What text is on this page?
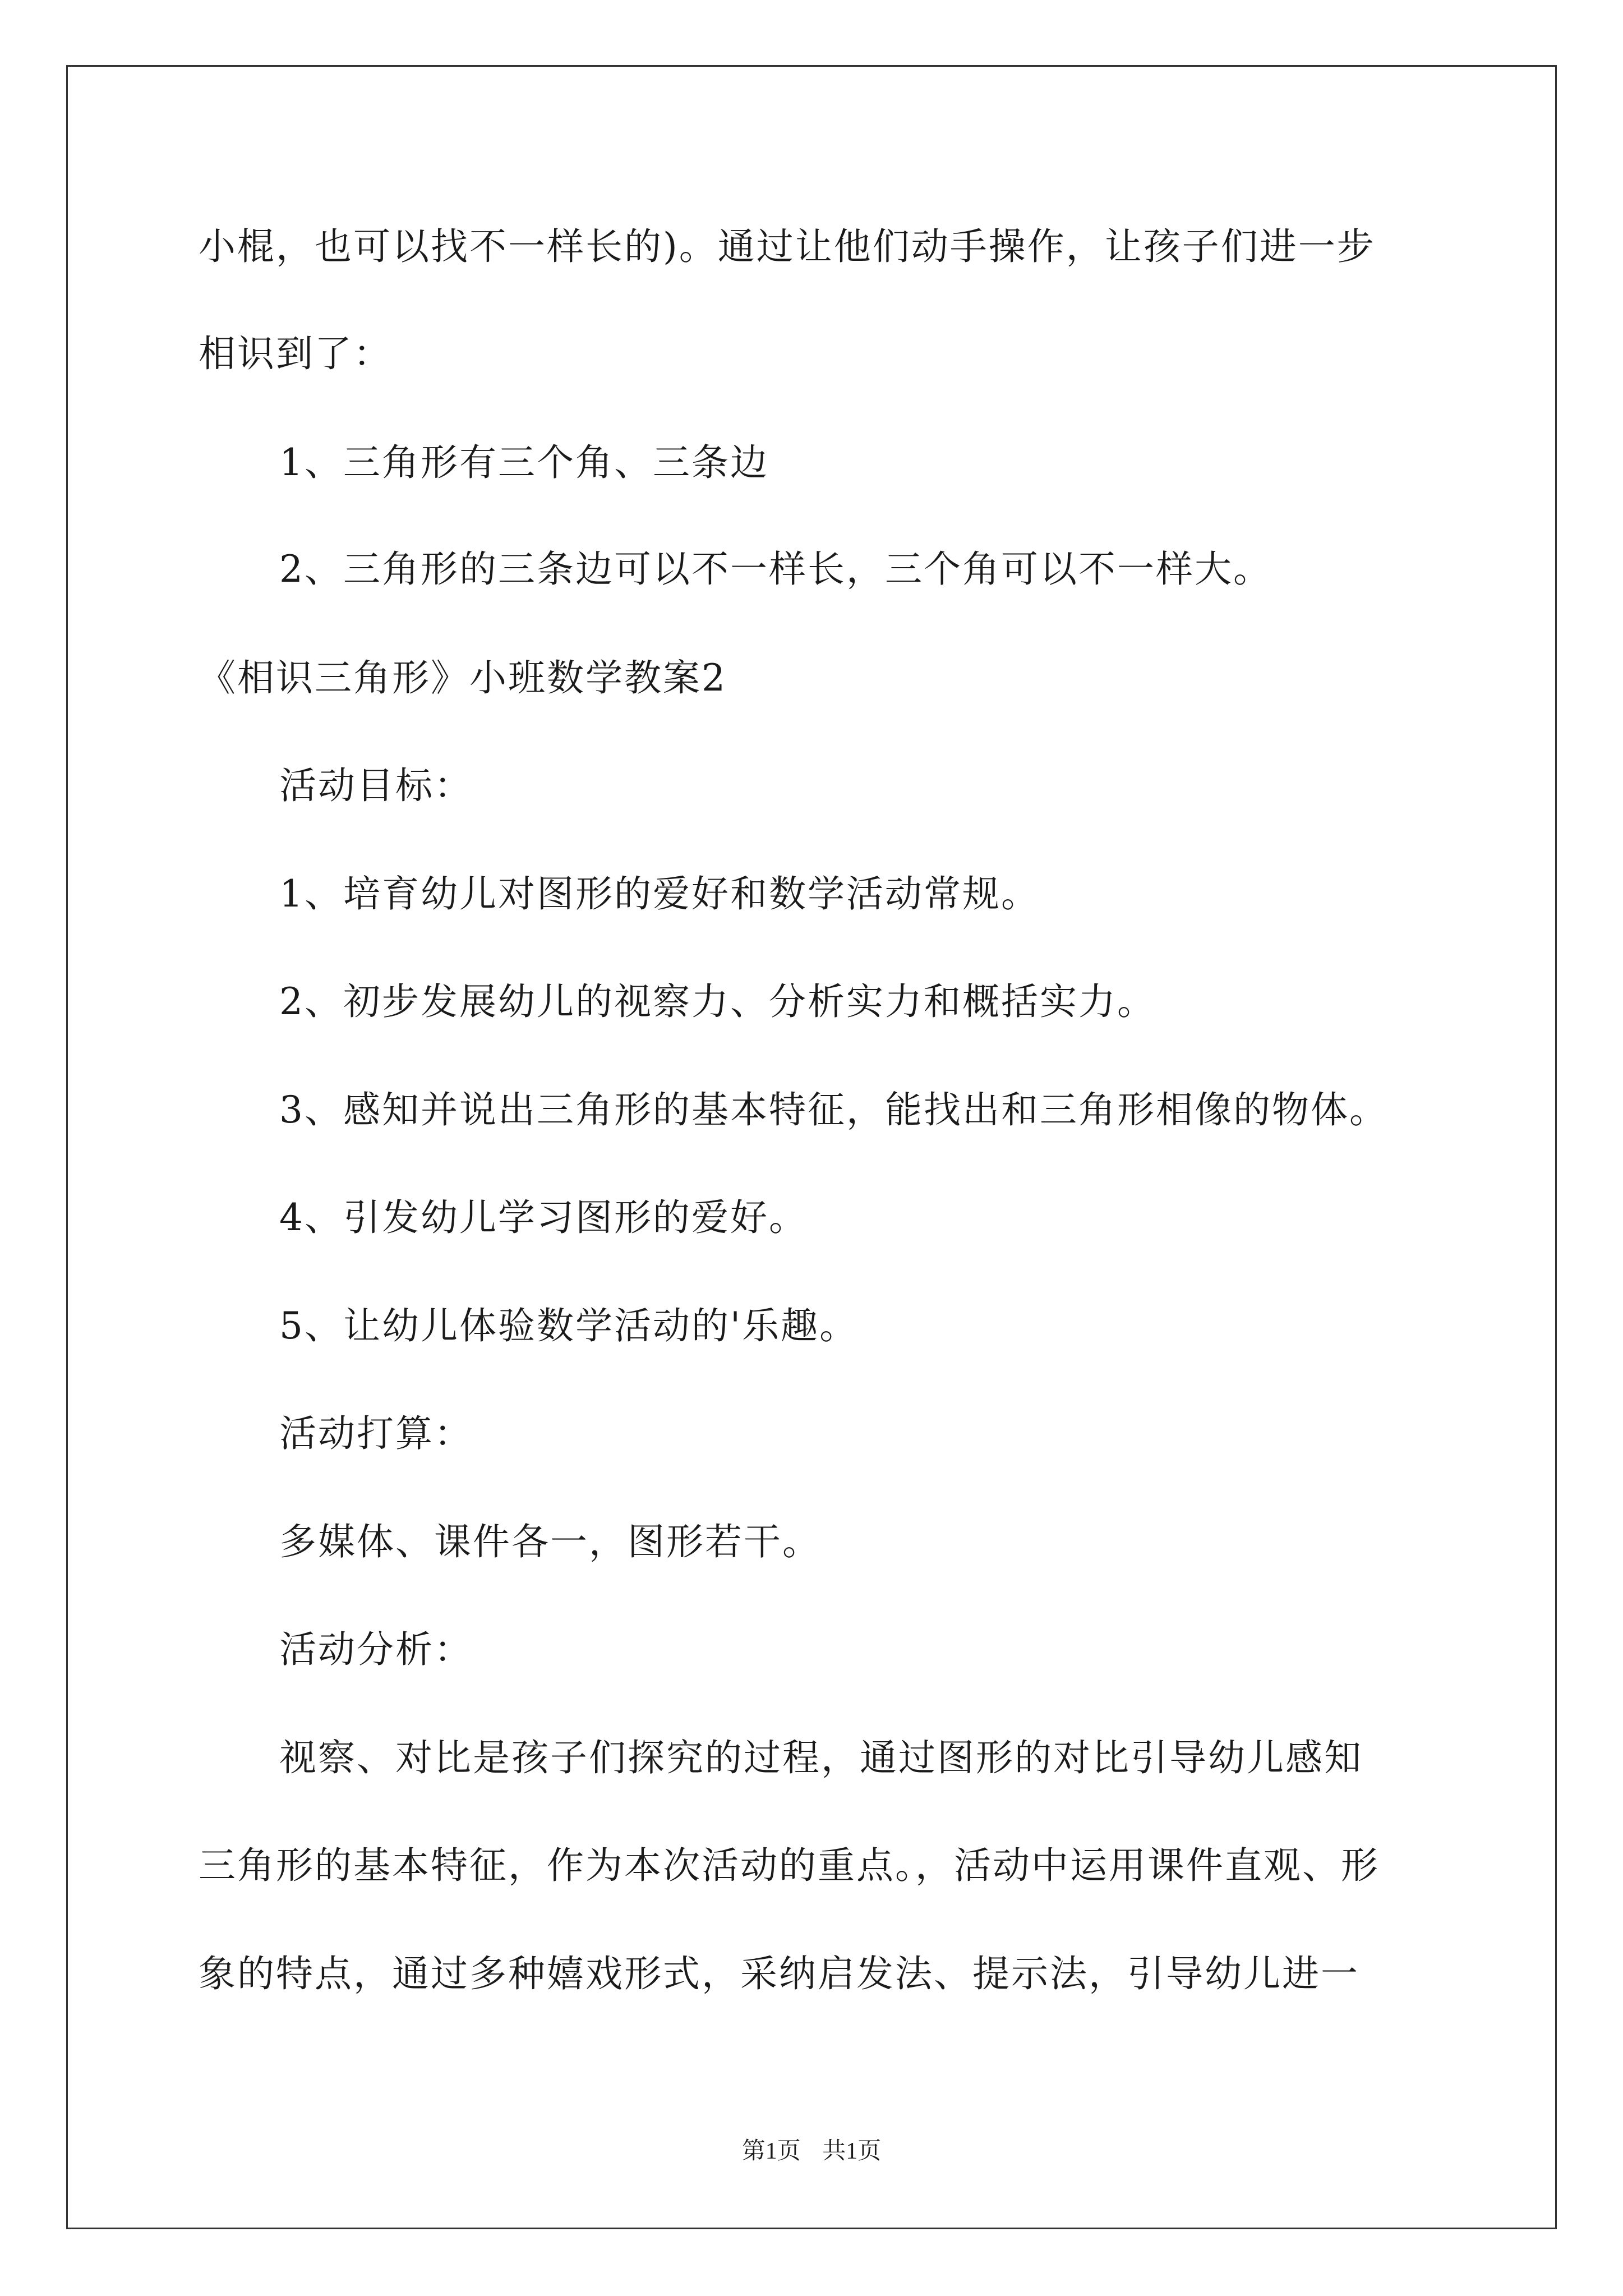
小棍，也可以找不一样长的)。通过让他们动手操作，让孩子们进一步
相识到了：
1、三角形有三个角、三条边
2、三角形的三条边可以不一样长，三个角可以不一样大。
《相识三角形》小班数学教案2
活动目标：
1、培育幼儿对图形的爱好和数学活动常规。
2、初步发展幼儿的视察力、分析实力和概括实力。
3、感知并说出三角形的基本特征，能找出和三角形相像的物体。
4、引发幼儿学习图形的爱好。
5、让幼儿体验数学活动的'乐趣。
活动打算：
多媒体、课件各一，图形若干。
活动分析：
视察、对比是孩子们探究的过程，通过图形的对比引导幼儿感知
三角形的基本特征，作为本次活动的重点。，活动中运用课件直观、形
象的特点，通过多种嬉戏形式，采纳启发法、提示法，引导幼儿进一
第1页 共1页
